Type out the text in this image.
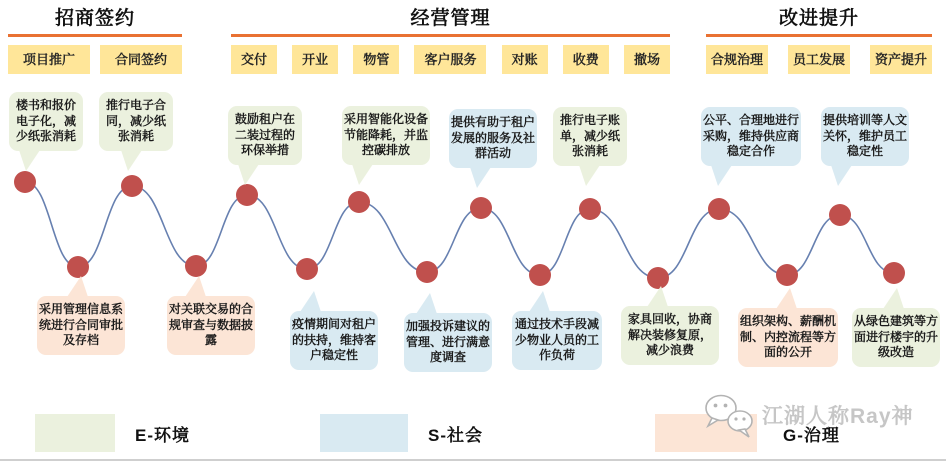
招商签约
项目推广	合同签约
经营管理
交付	开业	物管	客户服务	对账	收费	撤场
改进提升
合规治理	员工发展	资产提升
E-环境	S-社会	G-治理
江湖人称Ray神
楼书和报价电子化，减少纸张消耗
采用管理信息系统进行合同审批及存档
推行电子合同，减少纸张消耗
对关联交易的合规审查与数据披露
鼓励租户在二装过程的环保举措
疫情期间对租户的扶持，维持客户稳定性
采用智能化设备节能降耗，并监控碳排放
加强投诉建议的管理、进行满意度调查
提供有助于租户发展的服务及社群活动
通过技术手段减少物业人员的工作负荷
推行电子账单，减少纸张消耗
家具回收，协商解决装修复原，减少浪费
公平、合理地进行采购，维持供应商稳定合作
组织架构、薪酬机制、内控流程等方面的公开
提供培训等人文关怀，维护员工稳定性
从绿色建筑等方面进行楼宇的升级改造
